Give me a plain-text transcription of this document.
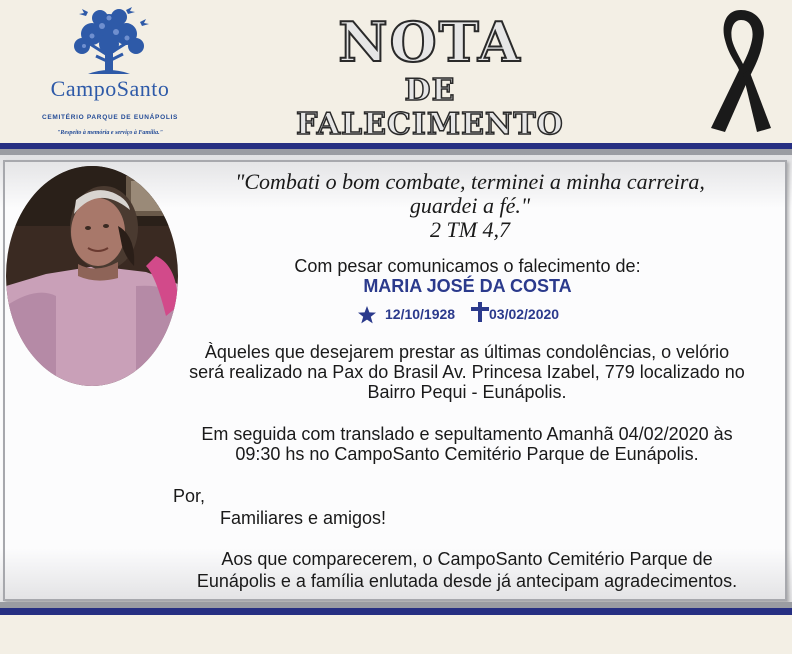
CampoSanto
CEMITÉRIO PARQUE DE EUNÁPOLIS
"Respeito à memória e serviço à Família."
NOTA
DE FALECIMENTO
"Combati o bom combate, terminei a minha carreira,
guardei a fé."
2 TM 4,7
Com pesar comunicamos o falecimento de:
MARIA JOSÉ DA COSTA
12/10/1928 03/02/2020
Àqueles que desejarem prestar as últimas condolências, o velório
será realizado na Pax do Brasil Av. Princesa Izabel, 779 localizado no
Bairro Pequi - Eunápolis.
Em seguida com translado e sepultamento Amanhã 04/02/2020 às
09:30 hs no CampoSanto Cemitério Parque de Eunápolis.
Por,
Familiares e amigos!
Aos que comparecerem, o CampoSanto Cemitério Parque de
Eunápolis e a família enlutada desde já antecipam agradecimentos.
